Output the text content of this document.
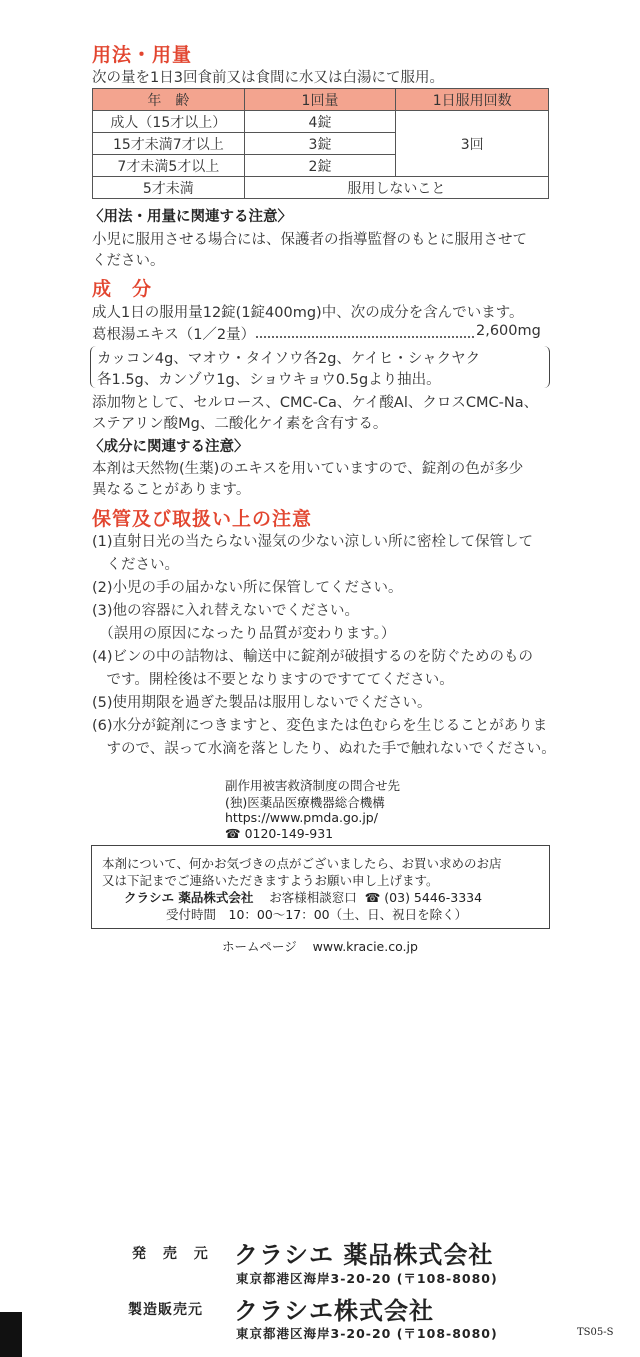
用法・用量
次の量を1日3回食前又は食間に水又は白湯にて服用。
年　齢	1回量	1日服用回数
成人（15才以上）	4錠	3回
15才未満7才以上	3錠	
7才未満5才以上	2錠	
5才未満	服用しないこと	
〈用法・用量に関連する注意〉
小児に服用させる場合には、保護者の指導監督のもとに服用させて
ください。
成　分
成人1日の服用量12錠(1錠400mg)中、次の成分を含んでいます。
葛根湯エキス（1／2量）	2,600mg
カッコン4g、マオウ・タイソウ各2g、ケイヒ・シャクヤク
各1.5g、カンゾウ1g、ショウキョウ0.5gより抽出。
添加物として、セルロース、CMC-Ca、ケイ酸Al、クロスCMC-Na、
ステアリン酸Mg、二酸化ケイ素を含有する。
〈成分に関連する注意〉
本剤は天然物(生薬)のエキスを用いていますので、錠剤の色が多少
異なることがあります。
保管及び取扱い上の注意
(1)直射日光の当たらない湿気の少ない涼しい所に密栓して保管して
　ください。
(2)小児の手の届かない所に保管してください。
(3)他の容器に入れ替えないでください。
　（誤用の原因になったり品質が変わります。）
(4)ビンの中の詰物は、輸送中に錠剤が破損するのを防ぐためのもの
　です。開栓後は不要となりますのですててください。
(5)使用期限を過ぎた製品は服用しないでください。
(6)水分が錠剤につきますと、変色または色むらを生じることがありま
　すので、誤って水滴を落としたり、ぬれた手で触れないでください。
副作用被害救済制度の問合せ先
(独)医薬品医療機器総合機構
https://www.pmda.go.jp/
☎ 0120-149-931
本剤について、何かお気づきの点がございましたら、お買い求めのお店
又は下記までご連絡いただきますようお願い申し上げます。
クラシエ 薬品株式会社 お客様相談窓口 ☎ (03) 5446-3334
受付時間　10：00〜17：00（土、日、祝日を除く）
ホームページ www.kracie.co.jp
発 売 元 クラシエ 薬品株式会社
東京都港区海岸3-20-20 (〒108-8080)
製造販売元 クラシエ株式会社
東京都港区海岸3-20-20 (〒108-8080)	TS05-S
